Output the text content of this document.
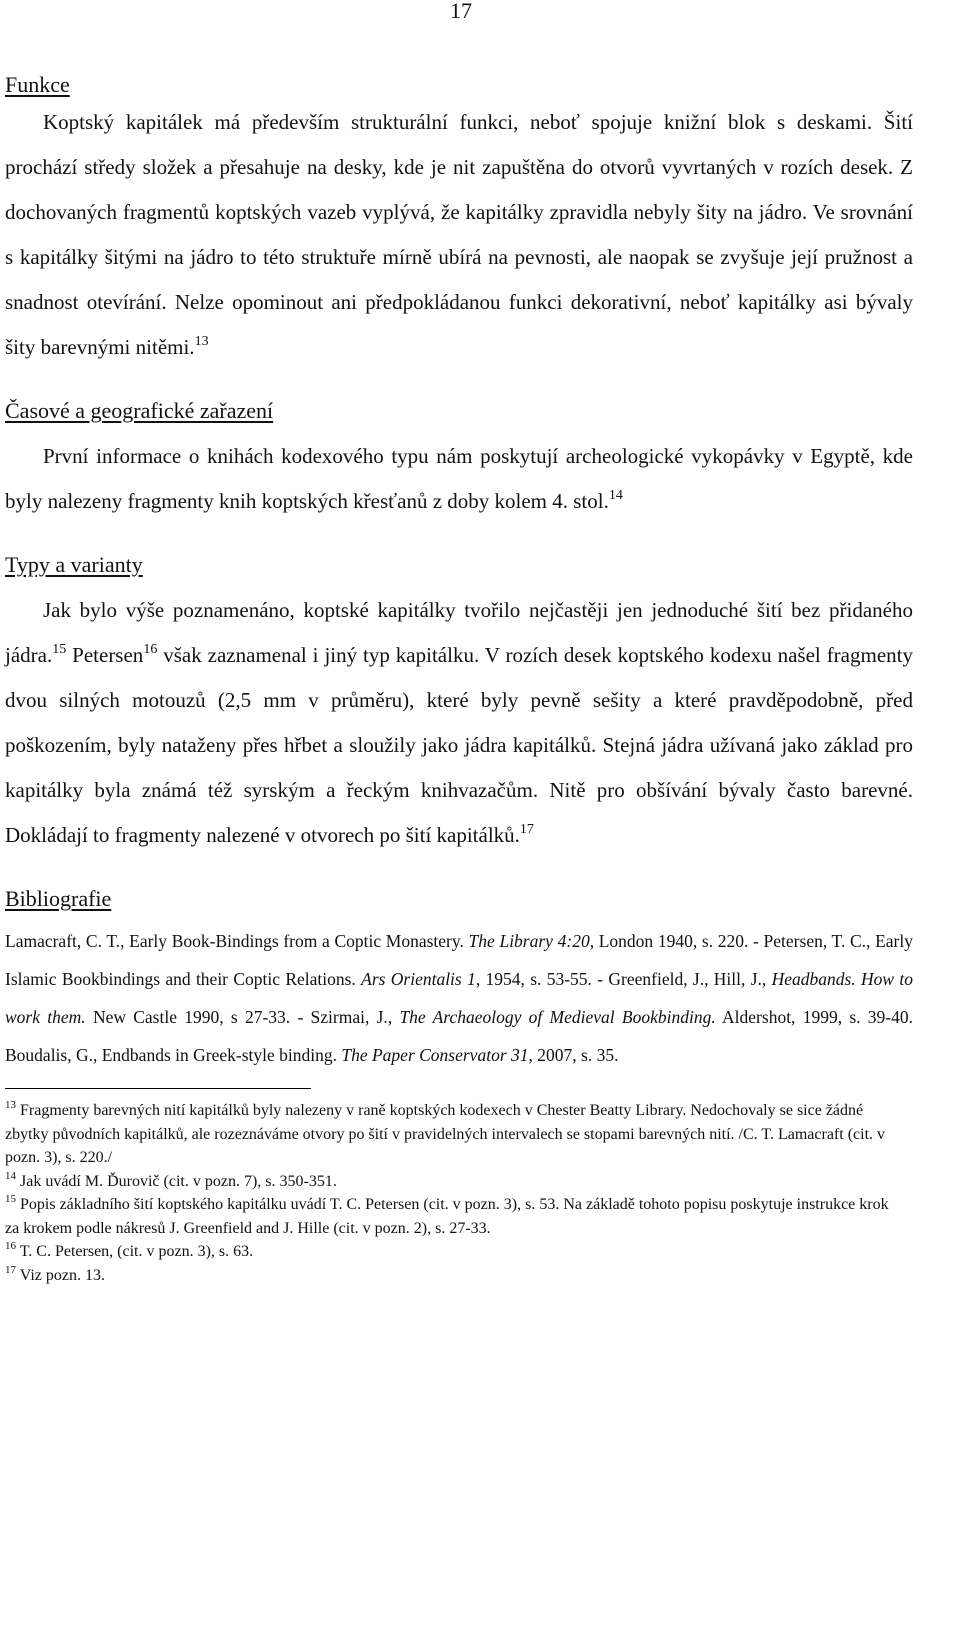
17
Funkce

Koptský kapitálek má především strukturální funkci, neboť spojuje knižní blok s deskami. Šití prochází středy složek a přesahuje na desky, kde je nit zapuštěna do otvorů vyvrtaných v rozích desek. Z dochovaných fragmentů koptských vazeb vyplývá, že kapitálky zpravidla nebyly šity na jádro. Ve srovnání s kapitálky šitými na jádro to této struktuře mírně ubírá na pevnosti, ale naopak se zvyšuje její pružnost a snadnost otevírání. Nelze opominout ani předpokládanou funkci dekorativní, neboť kapitálky asi bývaly šity barevnými nitěmi.$^{13}$

Časové a geografické zařazení

První informace o knihách kodexového typu nám poskytují archeologické vykopávky v Egyptě, kde byly nalezeny fragmenty knih koptských křesťanů z doby kolem 4. stol.$^{14}$

Typy a varianty

Jak bylo výše poznamenáno, koptské kapitálky tvořilo nejčastěji jen jednoduché šití bez přidaného jádra.$^{15}$ Petersen$^{16}$ však zaznamenal i jiný typ kapitálku. V rozích desek koptského kodexu našel fragmenty dvou silných motouzů (2,5 mm v průměru), které byly pevně sešity a které pravděpodobně, před poškozením, byly nataženy přes hřbet a sloužily jako jádra kapitálků. Stejná jádra užívaná jako základ pro kapitálky byla známá též syrským a řeckým knihvazačům. Nitě pro obšívání bývaly často barevné. Dokládají to fragmenty nalezené v otvorech po šití kapitálků.$^{17}$

Bibliografie

Lamacraft, C. T., Early Book-Bindings from a Coptic Monastery. The Library 4:20, London 1940, s. 220. - Petersen, T. C., Early Islamic Bookbindings and their Coptic Relations. Ars Orientalis 1, 1954, s. 53-55. - Greenfield, J., Hill, J., Headbands. How to work them. New Castle 1990, s 27-33. - Szirmai, J., The Archaeology of Medieval Bookbinding. Aldershot, 1999, s. 39-40. Boudalis, G., Endbands in Greek-style binding. The Paper Conservator 31, 2007, s. 35.

$^{13}$ Fragmenty barevných nití kapitálků byly nalezeny v raně koptských kodexech v Chester Beatty Library. Nedochovaly se sice žádné zbytky původních kapitálků, ale rozeznáváme otvory po šití v pravidelných intervalech se stopami barevných nití. /C. T. Lamacraft (cit. v pozn. 3), s. 220./

$^{14}$ Jak uvádí M. Ďurovič (cit. v pozn. 7), s. 350-351.

$^{15}$ Popis základního šití koptského kapitálku uvádí T. C. Petersen (cit. v pozn. 3), s. 53. Na základě tohoto popisu poskytuje instrukce krok za krokem podle nákresů J. Greenfield and J. Hille (cit. v pozn. 2), s. 27-33.

$^{16}$ T. C. Petersen, (cit. v pozn. 3), s. 63.

$^{17}$ Viz pozn. 13.
